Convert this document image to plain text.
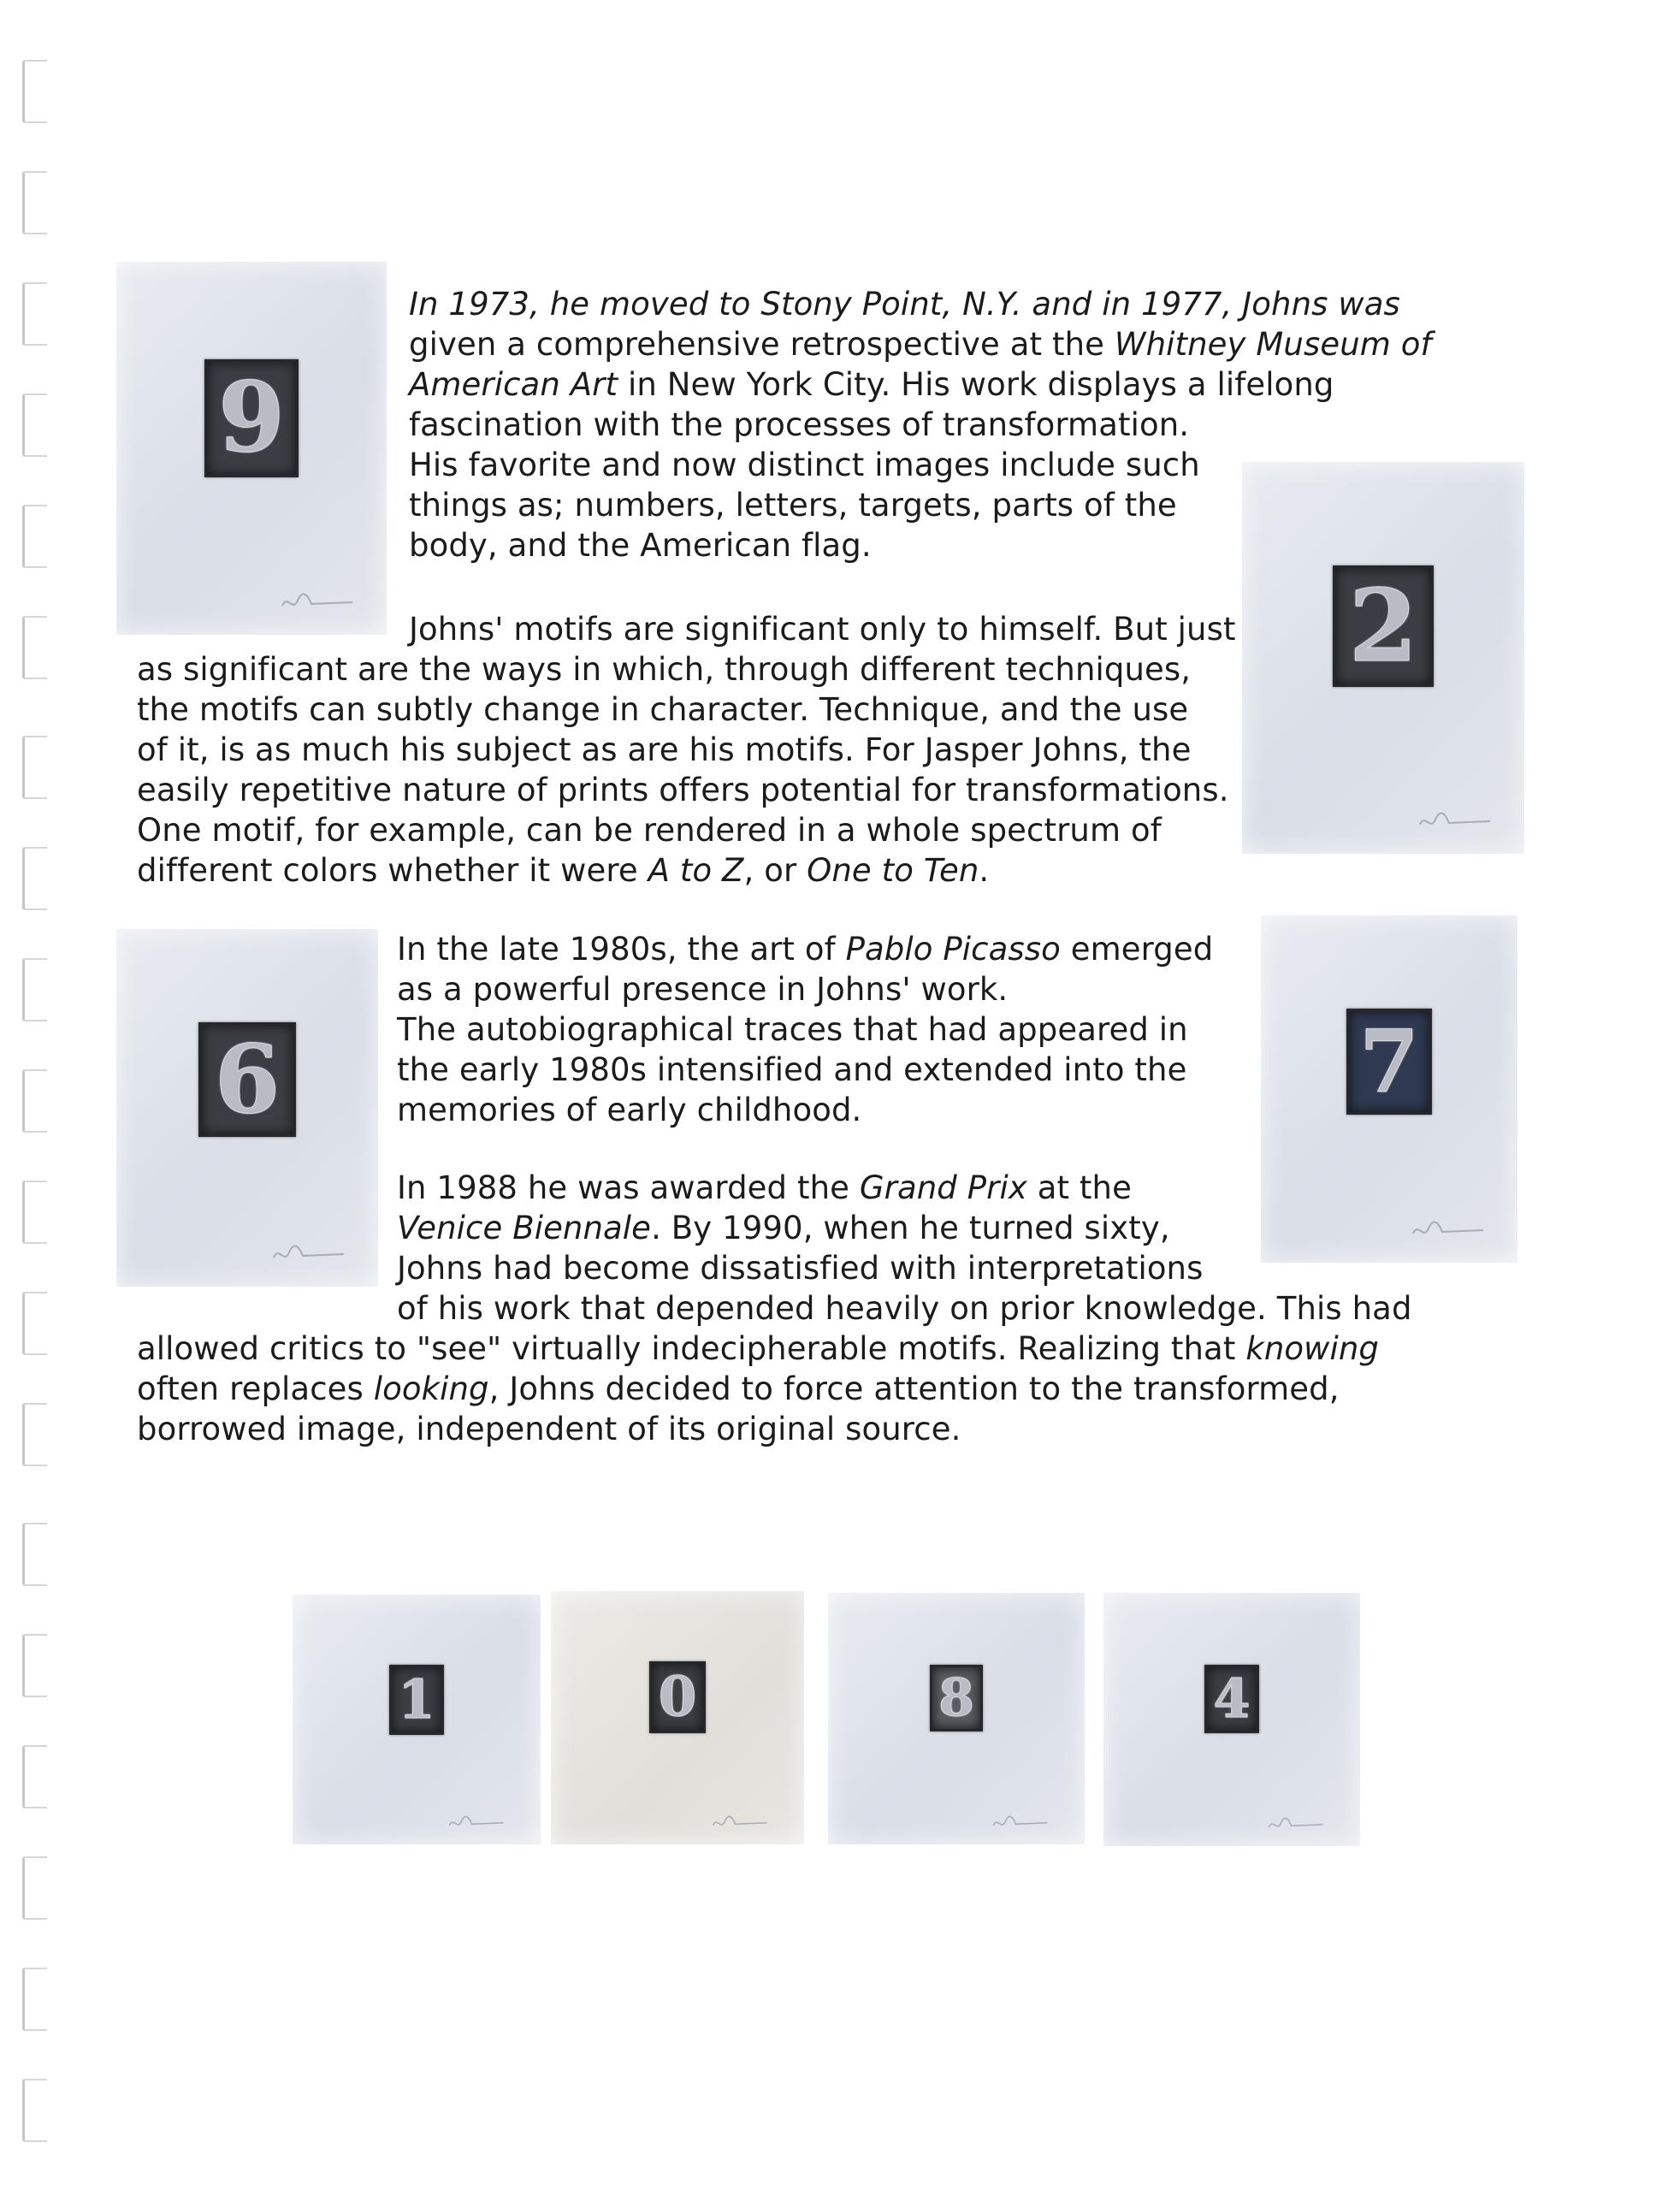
9
2
6	7
1	0	8	4
In 1973, he moved to Stony Point, N.Y. and in 1977, Johns was
given a comprehensive retrospective at the Whitney Museum of
American Art in New York City. His work displays a lifelong
fascination with the processes of transformation.
His favorite and now distinct images include such
things as; numbers, letters, targets, parts of the
body, and the American flag.
Johns' motifs are significant only to himself. But just
as significant are the ways in which, through different techniques,
the motifs can subtly change in character. Technique, and the use
of it, is as much his subject as are his motifs. For Jasper Johns, the
easily repetitive nature of prints offers potential for transformations.
One motif, for example, can be rendered in a whole spectrum of
different colors whether it were A to Z, or One to Ten.
In the late 1980s, the art of Pablo Picasso emerged
as a powerful presence in Johns' work.
The autobiographical traces that had appeared in
the early 1980s intensified and extended into the
memories of early childhood.
In 1988 he was awarded the Grand Prix at the
Venice Biennale. By 1990, when he turned sixty,
Johns had become dissatisfied with interpretations
of his work that depended heavily on prior knowledge. This had
allowed critics to "see" virtually indecipherable motifs. Realizing that knowing
often replaces looking, Johns decided to force attention to the transformed,
borrowed image, independent of its original source.
